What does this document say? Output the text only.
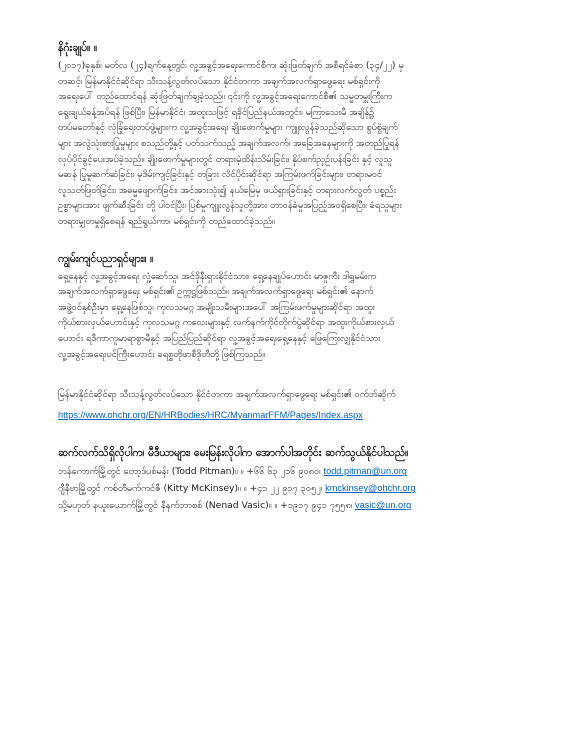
နိဂုံးချုပ်။ ။

(၂၀၁၇)ခုနှစ်၊ မတ်လ (၂၄)ရက်နေ့တွင်၊ လူ့အခွင့်အရေးကောင်စီက၊ ဆုံးဖြတ်ချက် အစီရင်ခံစာ (၃၄/၂၂) မှ

တဆင့်၊ မြန်မာနိုင်ငံဆိုင်ရာ သီးသန့်လွတ်လပ်သော နိုင်ငံတကာ အချက်အလက်ရှာဖွေရေး မစ်ရှင်းကို

အရေးပေါ် တည်ထောင်ရန် ဆုံးဖြတ်ချက်ချခဲ့သည်။ ၎င်းကို လူ့အခွင့်အရေးကောင်စီ၏ သမ္မတမှူးကြီးက

ရွေးချယ်ခန့်အပ်ရန် ဖြစ်ပြီး၊ မြန်မာနိုင်ငံ၊ အထူးသဖြင့် ရခိုင်ပြည်နယ်အတွင်း၊ မကြာသေးမီ အချိန်၌

တပ်မတော်နှင့် လုံခြုံရေးတပ်ဖွဲ့များက လူ့အခွင့်အရေး ချိုးဖောက်မှုများ ကျူးလွန်ခဲ့သည်ဆိုသော စွပ်စွဲချက်

များ အလွဲသုံးစားပြုမှုများ စသည်တို့နှင့် ပတ်သက်သည့် အချက်အလက်၊ အခြေအနေများကို အတည်ပြုရန်

လုပ်ပိုင်ခွင့်ပေးအပ်ခဲ့သည်။ ချိုးဖောက်မှုများတွင် တရားမဲ့ထိန်းသိမ်းခြင်း၊ နှိပ်စက်ညှဉ်းပန်းခြင်း နှင့် လူသူ

မဆန် ပြုမူဆက်ဆံခြင်း၊ မုဒိမ်းကျင့်ခြင်းနှင့် တခြား လိင်ပိုင်းဆိုင်ရာ အကြမ်းဖက်ခြင်းများ၊ တရားမဝင်

လူသတ်ဖြတ်ခြင်း၊ အဓမ္မဖျောက်ခြင်း၊ အင်အားသုံး၍ နယ်မြေမှ ဖယ်ရှားခြင်းနှင့် တရားလက်လွတ် ပစ္စည်း

ဥစ္စာများအား ဖျက်ဆီးခြင်း တို့ ပါဝင်ပြီး၊ ပြစ်မှုကျူးလွန်သူတို့အား တာဝန်ခံမှုအပြည့်အဝရှိစေပြီး၊ ခံရသူများ

တရားမျှတမှုရှိစေရန် ရည်ရွယ်ကာ၊ မစ်ရှင်းကို တည်ထောင်ခဲ့သည်။

ကျွမ်းကျင်ပညာရှင်များ။ ။

ရှေ့နေနှင့် လူ့အခွင့်အရေး လှုံ့ဆော်သူ၊ အင်ဒိုနီးရှားနိုင်ငံသား၊ ရှေ့နေချုပ်ဟောင်း မာဇူကီး ဒါရွှမမ်းက

အချက်အလက်ရှာဖွေရေး မစ်ရှင်း၏ ဥက္ကဋ္ဌဖြစ်သည်။ အချက်အလက်ရှာဖွေရေး မစ်ရှင်း၏ နောက်

အဖွဲ့ဝင်နှစ်ဦးမှာ ရှေ့နေဖြစ်သူ၊ ကုလသမဂ္ဂ အမျိုးသမီးများအပေါ် အကြမ်းဖက်မှုများဆိုင်ရာ အထူး

ကိုယ်စားလှယ်ဟောင်းနှင့် ကုလသမဂ္ဂ ကလေးများနှင့် လက်နက်ကိုင်တိုက်ပွဲဆိုင်ရာ အထူးကိုယ်စားလှယ်

ဟောင်း ရဒီကာကူမာရာစွာမီနှင့် အပြည်ပြည်ဆိုင်ရာ လူ့အခွင့်အရေးရှေ့နေနှင့် ဖြေကြေးလျှနိုင်ငံသား

လူ့အခွင့်အရေးပင်ကြီးဟောင်း ခရစ္စတိုဖာစီဒိုတီတို့ ဖြစ်ကြသည်။

မြန်မာနိုင်ငံဆိုင်ရာ သီးသန့်လွတ်လပ်သော နိုင်ငံတကာ အချက်အလက်ရှာဖွေရေး မစ်ရှင်း၏ ဝက်ဘ်ဆိုက်
https://www.ohchr.org/EN/HRBodies/HRC/MyanmarFFM/Pages/Index.aspx
ဆက်လက်သိရှိလိုပါက၊ မီဒီယာများ၊ မေးမြန်းလိုပါက အောက်ပါအတိုင်း ဆက်သွယ်နိုင်ပါသည်။
ဘန်ကောက်မြို့တွင် တော့ဒ်ပစ်မန်း (Todd Pitman)။ ။ +၆၆ ၆၃ ၂၁၆ ၉၀၈၀၊ todd.pitman@un.org
ဂျီနီဗာမြို့တွင် ကစ်တီမက်ကင်ဇီ (Kitty McKinsey)။ ။ +၄၁ ၂၂ ၉၁၇ ၃၀၅၂၊ kmckinsey@ohchr.org
သို့မဟုတ် နယူးယောက်မြို့တွင် နီနက်ဘာစစ် (Nenad Vasic)။ ။ +၁၉၁၇ ၉၄၁ ၇၅၅၈၊ vasic@un.org
